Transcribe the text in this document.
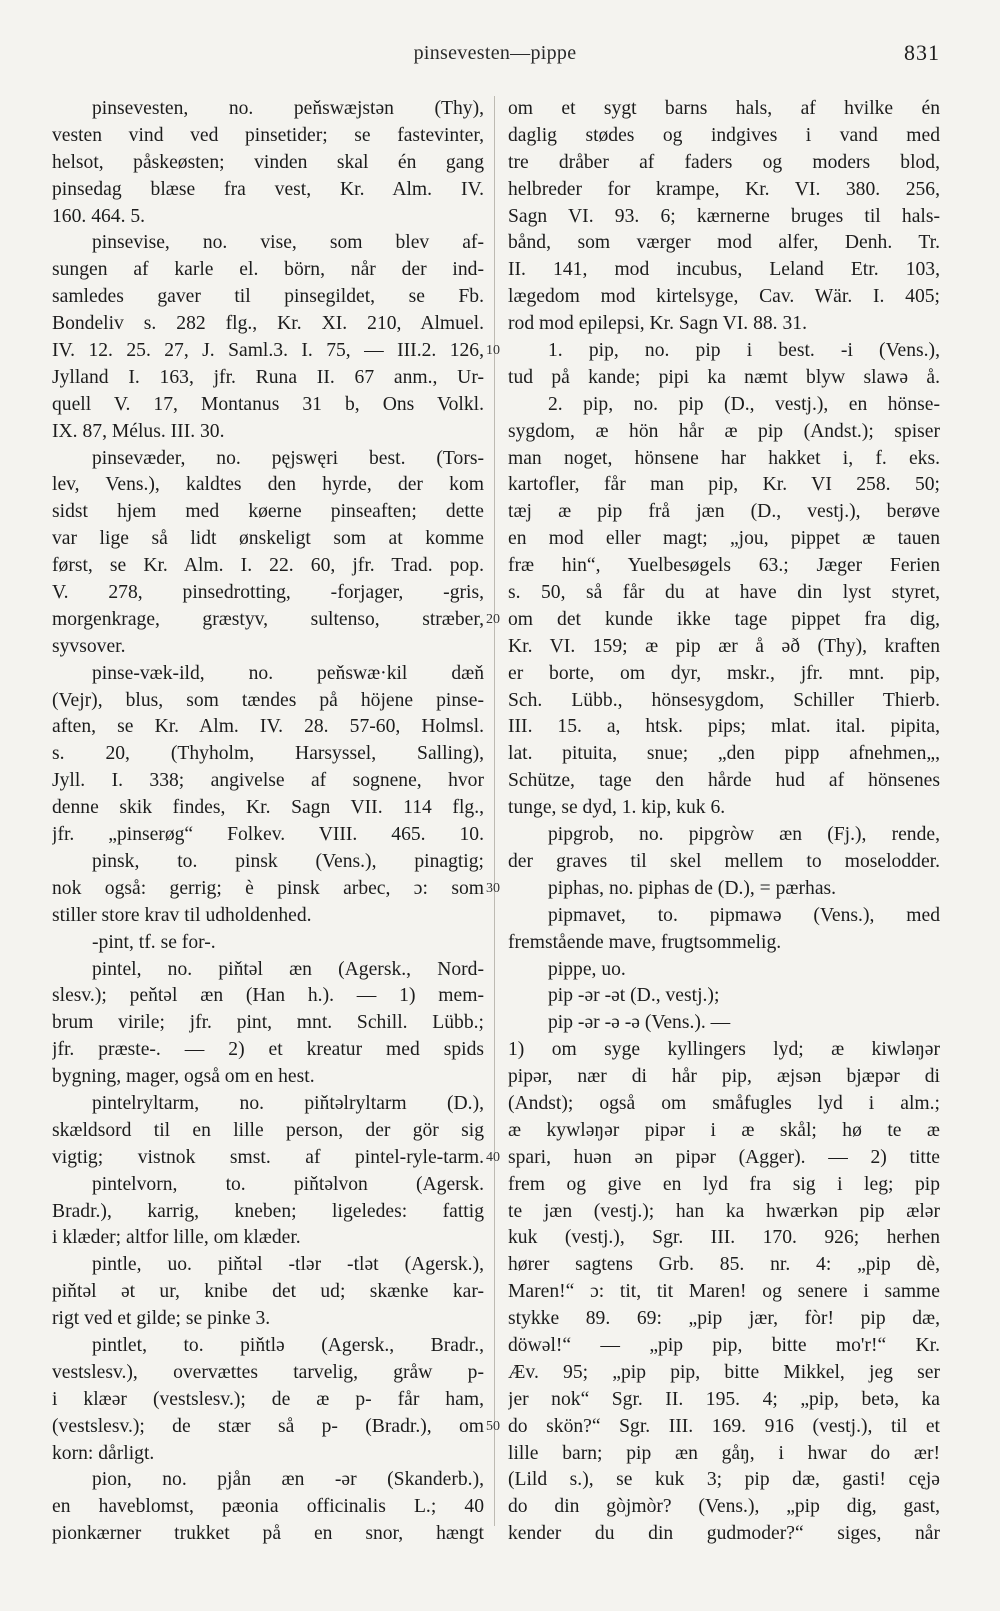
pinsevesten—pippe	831
pinsevesten, no. peňswæjstən (Thy),
vesten vind ved pinsetider; se fastevinter,
helsot, påskeøsten; vinden skal én gang
pinsedag blæse fra vest, Kr. Alm. IV.
160. 464. 5.
pinsevise, no. vise, som blev af-
sungen af karle el. börn, når der ind-
samledes gaver til pinsegildet, se Fb.
Bondeliv s. 282 flg., Kr. XI. 210, Almuel.
IV. 12. 25. 27, J. Saml.3. I. 75, — III.2. 126,
Jylland I. 163, jfr. Runa II. 67 anm., Ur-
quell V. 17, Montanus 31 b, Ons Volkl.
IX. 87, Mélus. III. 30.
pinsevæder, no. pęjswęri best. (Tors-
lev, Vens.), kaldtes den hyrde, der kom
sidst hjem med køerne pinseaften; dette
var lige så lidt ønskeligt som at komme
først, se Kr. Alm. I. 22. 60, jfr. Trad. pop.
V. 278, pinsedrotting, -forjager, -gris,
morgenkrage, græstyv, sultenso, stræber,
syvsover.
pinse-væk-ild, no. peňswæ·kil dæň
(Vejr), blus, som tændes på höjene pinse-
aften, se Kr. Alm. IV. 28. 57-60, Holmsl.
s. 20, (Thyholm, Harsyssel, Salling),
Jyll. I. 338; angivelse af sognene, hvor
denne skik findes, Kr. Sagn VII. 114 flg.,
jfr. „pinserøg“ Folkev. VIII. 465. 10.
pinsk, to. pinsk (Vens.), pinagtig;
nok også: gerrig; è pinsk arbec, ɔ: som
stiller store krav til udholdenhed.
-pint, tf. se for-.
pintel, no. piňtəl æn (Agersk., Nord-
slesv.); peňtəl æn (Han h.). — 1) mem-
brum virile; jfr. pint, mnt. Schill. Lübb.;
jfr. præste-. — 2) et kreatur med spids
bygning, mager, også om en hest.
pintelryltarm, no. piňtəlryltarm (D.),
skældsord til en lille person, der gör sig
vigtig; vistnok smst. af pintel-ryle-tarm.
pintelvorn, to. piňtəlvon (Agersk.
Bradr.), karrig, kneben; ligeledes: fattig
i klæder; altfor lille, om klæder.
pintle, uo. piňtəl -tlər -tlət (Agersk.),
piňtəl ət ur, knibe det ud; skænke kar-
rigt ved et gilde; se pinke 3.
pintlet, to. piňtlə (Agersk., Bradr.,
vestslesv.), overvættes tarvelig, gråw p-
i klæər (vestslesv.); de æ p- får ham,
(vestslesv.); de stær så p- (Bradr.), om
korn: dårligt.
pion, no. pjån æn -ər (Skanderb.),
en haveblomst, pæonia officinalis L.; 40
pionkærner trukket på en snor, hængt
om et sygt barns hals, af hvilke én
daglig stødes og indgives i vand med
tre dråber af faders og moders blod,
helbreder for krampe, Kr. VI. 380. 256,
Sagn VI. 93. 6; kærnerne bruges til hals-
bånd, som værger mod alfer, Denh. Tr.
II. 141, mod incubus, Leland Etr. 103,
lægedom mod kirtelsyge, Cav. Wär. I. 405;
rod mod epilepsi, Kr. Sagn VI. 88. 31.
1. pip, no. pip i best. -i (Vens.),
tud på kande; pipi ka næmt blyw slawə å.
2. pip, no. pip (D., vestj.), en hönse-
sygdom, æ hön hår æ pip (Andst.); spiser
man noget, hönsene har hakket i, f. eks.
kartofler, får man pip, Kr. VI 258. 50;
tæj æ pip frå jæn (D., vestj.), berøve
en mod eller magt; „jou, pippet æ tauen
fræ hin“, Yuelbesøgels 63.; Jæger Ferien
s. 50, så får du at have din lyst styret,
om det kunde ikke tage pippet fra dig,
Kr. VI. 159; æ pip ær å əð (Thy), kraften
er borte, om dyr, mskr., jfr. mnt. pip,
Sch. Lübb., hönsesygdom, Schiller Thierb.
III. 15. a, htsk. pips; mlat. ital. pipita,
lat. pituita, snue; „den pipp afnehmen„,
Schütze, tage den hårde hud af hönsenes
tunge, se dyd, 1. kip, kuk 6.
pipgrob, no. pipgròw æn (Fj.), rende,
der graves til skel mellem to moselodder.
piphas, no. piphas de (D.), = pærhas.
pipmavet, to. pipmawə (Vens.), med
fremstående mave, frugtsommelig.
pippe, uo.
pip -ər -ət (D., vestj.);
pip -ər -ə -ə (Vens.). —
1) om syge kyllingers lyd; æ kiwləŋər
pipər, nær di hår pip, æjsən bjæpər di
(Andst); også om småfugles lyd i alm.;
æ kywləŋər pipər i æ skål; hø te æ
spari, huən ən pipər (Agger). — 2) titte
frem og give en lyd fra sig i leg; pip
te jæn (vestj.); han ka hwærkən pip ælər
kuk (vestj.), Sgr. III. 170. 926; herhen
hører sagtens Grb. 85. nr. 4: „pip dè,
Maren!“ ɔ: tit, tit Maren! og senere i samme
stykke 89. 69: „pip jær, fòr! pip dæ,
döwəl!“ — „pip pip, bitte mo'r!“ Kr.
Æv. 95; „pip pip, bitte Mikkel, jeg ser
jer nok“ Sgr. II. 195. 4; „pip, betə, ka
do skön?“ Sgr. III. 169. 916 (vestj.), til et
lille barn; pip æn gåŋ, i hwar do ær!
(Lild s.), se kuk 3; pip dæ, gasti! cęjə
do din gòjmòr? (Vens.), „pip dig, gast,
kender du din gudmoder?“ siges, når
10
20
30
40
50
